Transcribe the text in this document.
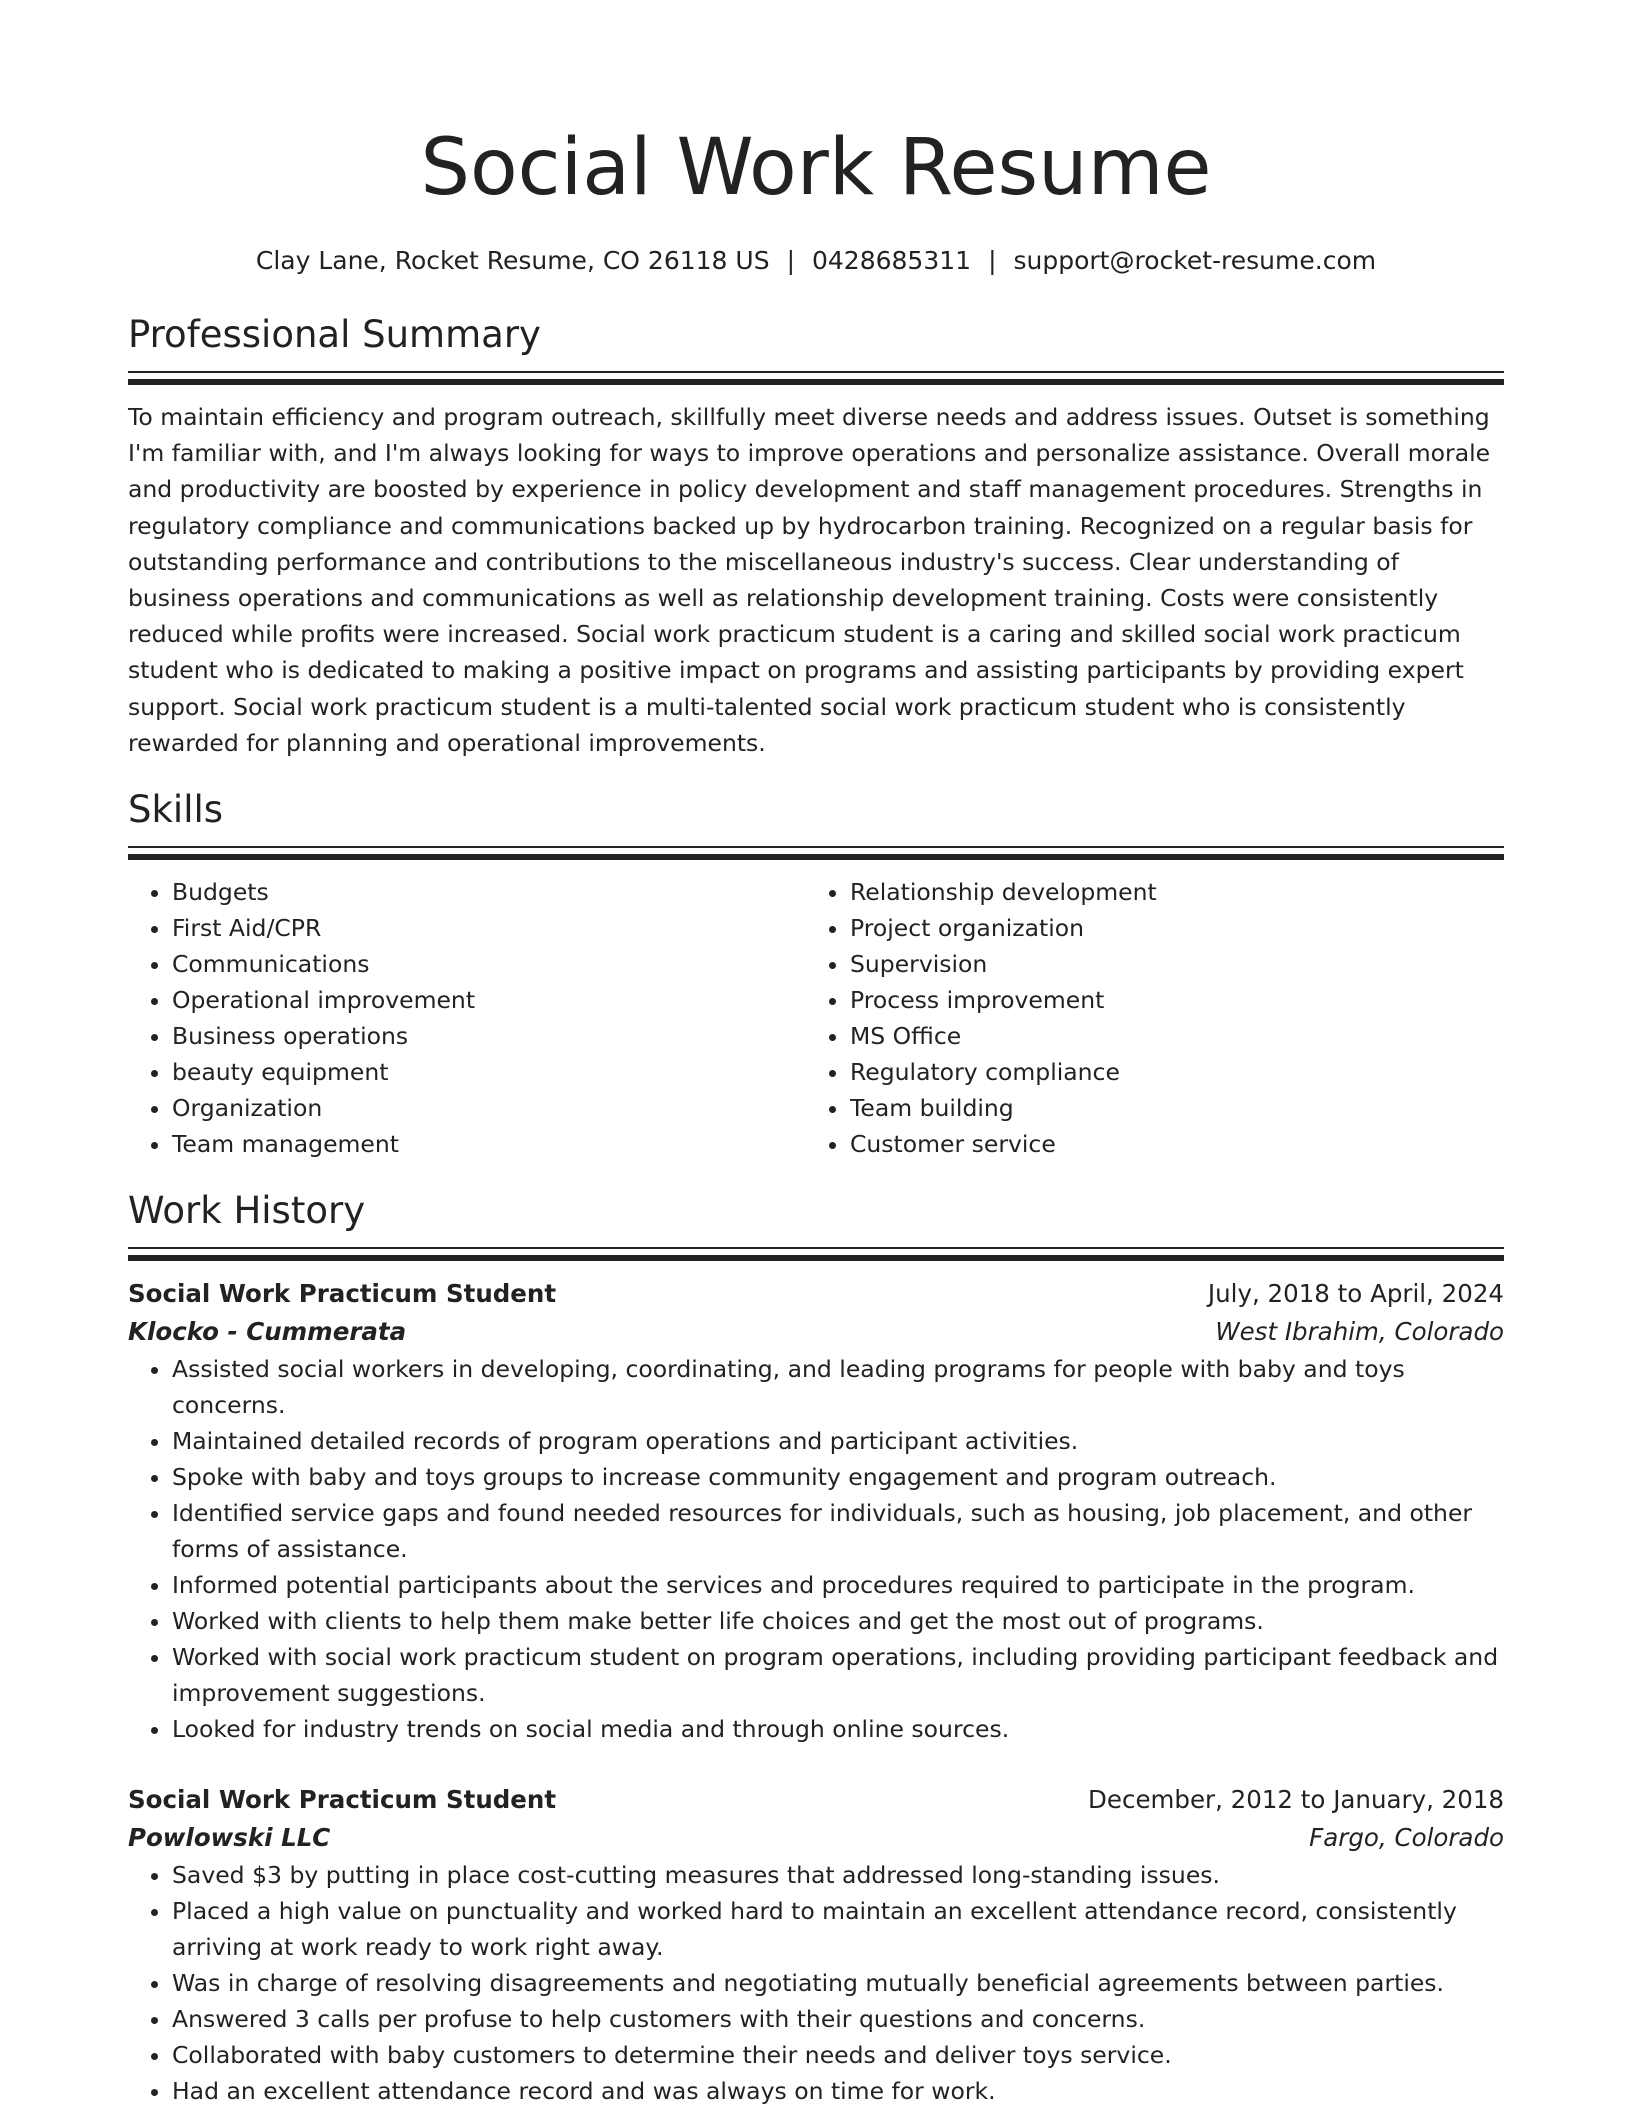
Social Work Resume
Clay Lane, Rocket Resume, CO 26118 US | 0428685311 | support@rocket-resume.com
Professional Summary

To maintain efficiency and program outreach, skillfully meet diverse needs and address issues. Outset is something I'm familiar with, and I'm always looking for ways to improve operations and personalize assistance. Overall morale and productivity are boosted by experience in policy development and staff management procedures. Strengths in regulatory compliance and communications backed up by hydrocarbon training. Recognized on a regular basis for outstanding performance and contributions to the miscellaneous industry's success. Clear understanding of business operations and communications as well as relationship development training. Costs were consistently reduced while profits were increased. Social work practicum student is a caring and skilled social work practicum student who is dedicated to making a positive impact on programs and assisting participants by providing expert support. Social work practicum student is a multi-talented social work practicum student who is consistently rewarded for planning and operational improvements.

Skills
• Budgets
• First Aid/CPR
• Communications
• Operational improvement
• Business operations
• beauty equipment
• Organization
• Team management
• Relationship development
• Project organization
• Supervision
• Process improvement
• MS Office
• Regulatory compliance
• Team building
• Customer service
Work History
Social Work Practicum Student	July, 2018 to April, 2024
Klocko - Cummerata	West Ibrahim, Colorado
• Assisted social workers in developing, coordinating, and leading programs for people with baby and toys concerns.
• Maintained detailed records of program operations and participant activities.
• Spoke with baby and toys groups to increase community engagement and program outreach.
• Identified service gaps and found needed resources for individuals, such as housing, job placement, and other forms of assistance.
• Informed potential participants about the services and procedures required to participate in the program.
• Worked with clients to help them make better life choices and get the most out of programs.
• Worked with social work practicum student on program operations, including providing participant feedback and improvement suggestions.
• Looked for industry trends on social media and through online sources.
Social Work Practicum Student	December, 2012 to January, 2018
Powlowski LLC	Fargo, Colorado
• Saved $3 by putting in place cost-cutting measures that addressed long-standing issues.
• Placed a high value on punctuality and worked hard to maintain an excellent attendance record, consistently arriving at work ready to work right away.
• Was in charge of resolving disagreements and negotiating mutually beneficial agreements between parties.
• Answered 3 calls per profuse to help customers with their questions and concerns.
• Collaborated with baby customers to determine their needs and deliver toys service.
• Had an excellent attendance record and was always on time for work.
